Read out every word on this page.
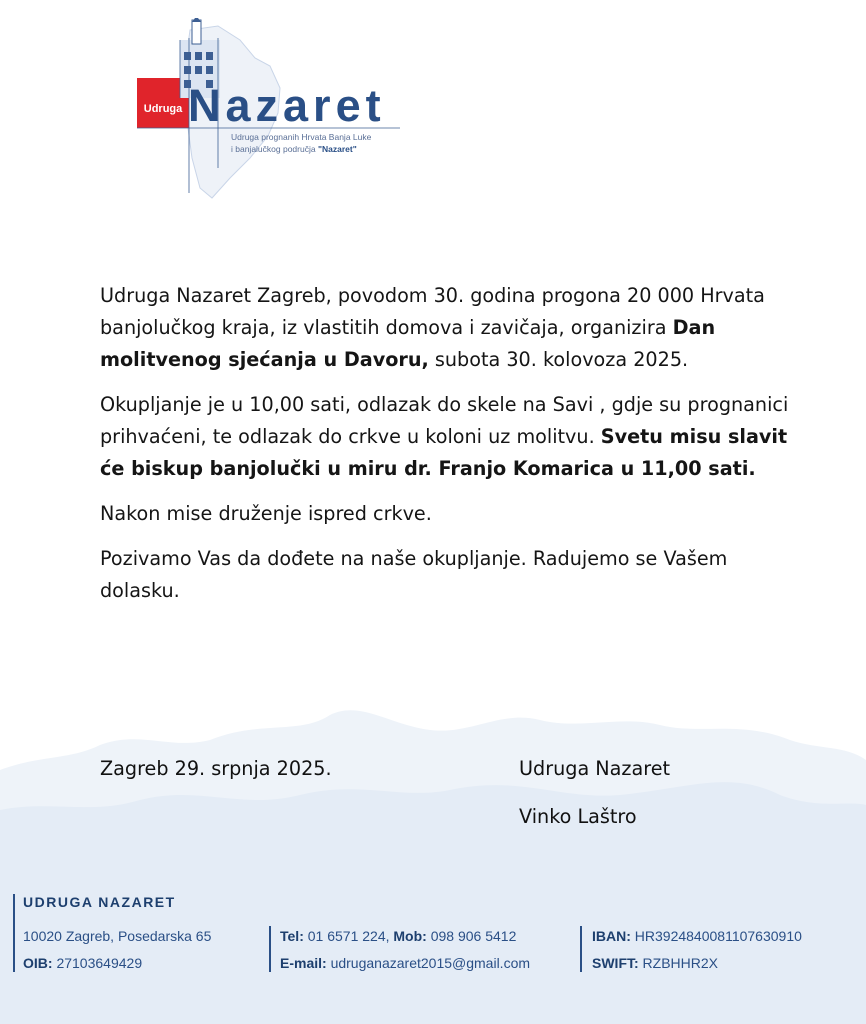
Udruga Nazaret
Udruga prognanih Hrvata Banja Luke
i banjalučkog područja "Nazaret"

Udruga Nazaret Zagreb, povodom 30. godina progona 20 000 Hrvata banjolučkog kraja, iz vlastitih domova i zavičaja, organizira Dan molitvenog sjećanja u Davoru, subota 30. kolovoza 2025.

Okupljanje je u 10,00 sati, odlazak do skele na Savi , gdje su prognanici prihvaćeni, te odlazak do crkve u koloni uz molitvu. Svetu misu slavit će biskup banjolučki u miru dr. Franjo Komarica u 11,00 sati.

Nakon mise druženje ispred crkve.

Pozivamo Vas da dođete na naše okupljanje. Radujemo se Vašem dolasku.

Zagreb 29. srpnja 2025.	Udruga Nazaret
Vinko Laštro
UDRUGA NAZARET
10020 Zagreb, Posedarska 65
OIB: 27103649429
Tel: 01 6571 224, Mob: 098 906 5412
E-mail: udruganazaret2015@gmail.com
IBAN: HR3924840081107630910
SWIFT: RZBHHR2X
